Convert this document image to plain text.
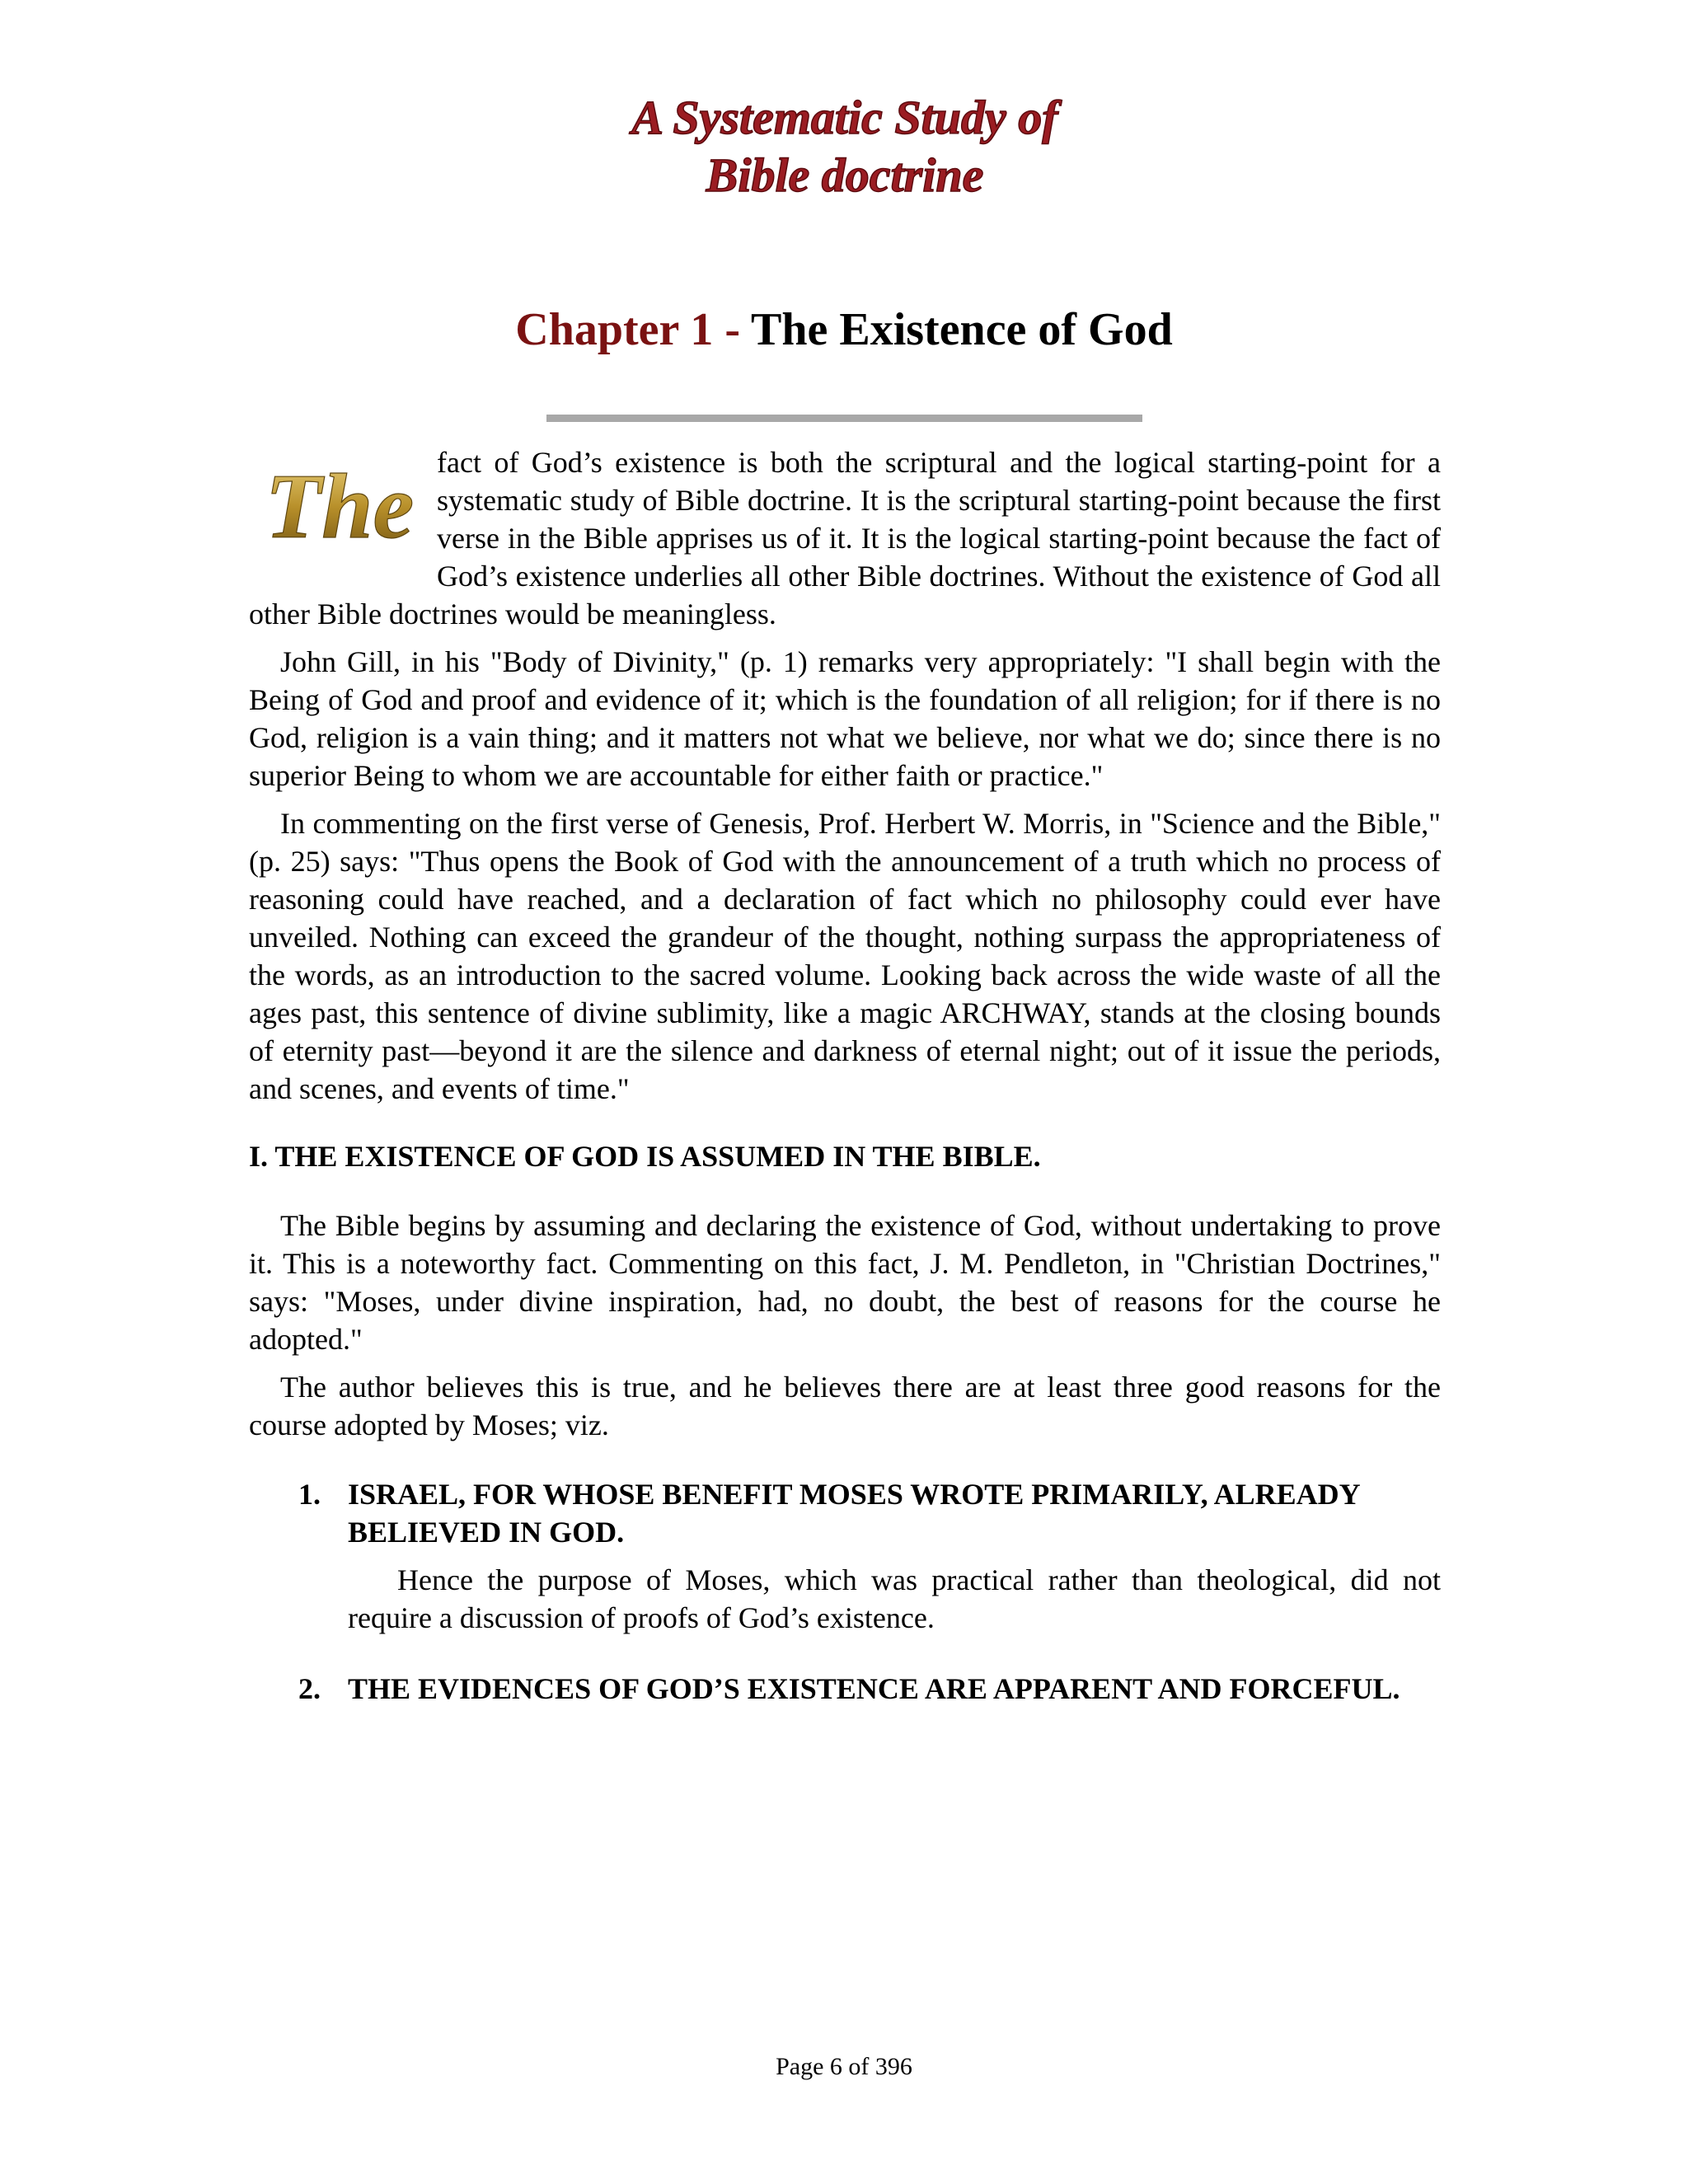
A Systematic Study of
Bible doctrine
Chapter 1 - The Existence of God
The fact of God’s existence is both the scriptural and the logical starting-point for a systematic study of Bible doctrine. It is the scriptural starting-point because the first verse in the Bible apprises us of it. It is the logical starting-point because the fact of God’s existence underlies all other Bible doctrines. Without the existence of God all other Bible doctrines would be meaningless.

John Gill, in his "Body of Divinity," (p. 1) remarks very appropriately: "I shall begin with the Being of God and proof and evidence of it; which is the foundation of all religion; for if there is no God, religion is a vain thing; and it matters not what we believe, nor what we do; since there is no superior Being to whom we are accountable for either faith or practice."

In commenting on the first verse of Genesis, Prof. Herbert W. Morris, in "Science and the Bible," (p. 25) says: "Thus opens the Book of God with the announcement of a truth which no process of reasoning could have reached, and a declaration of fact which no philosophy could ever have unveiled. Nothing can exceed the grandeur of the thought, nothing surpass the appropriateness of the words, as an introduction to the sacred volume. Looking back across the wide waste of all the ages past, this sentence of divine sublimity, like a magic ARCHWAY, stands at the closing bounds of eternity past—beyond it are the silence and darkness of eternal night; out of it issue the periods, and scenes, and events of time."

I. THE EXISTENCE OF GOD IS ASSUMED IN THE BIBLE.

The Bible begins by assuming and declaring the existence of God, without undertaking to prove it. This is a noteworthy fact. Commenting on this fact, J. M. Pendleton, in "Christian Doctrines," says: "Moses, under divine inspiration, had, no doubt, the best of reasons for the course he adopted."

The author believes this is true, and he believes there are at least three good reasons for the course adopted by Moses; viz.

1. ISRAEL, FOR WHOSE BENEFIT MOSES WROTE PRIMARILY, ALREADY BELIEVED IN GOD.

Hence the purpose of Moses, which was practical rather than theological, did not require a discussion of proofs of God’s existence.

2. THE EVIDENCES OF GOD’S EXISTENCE ARE APPARENT AND FORCEFUL.

Page 6 of 396
